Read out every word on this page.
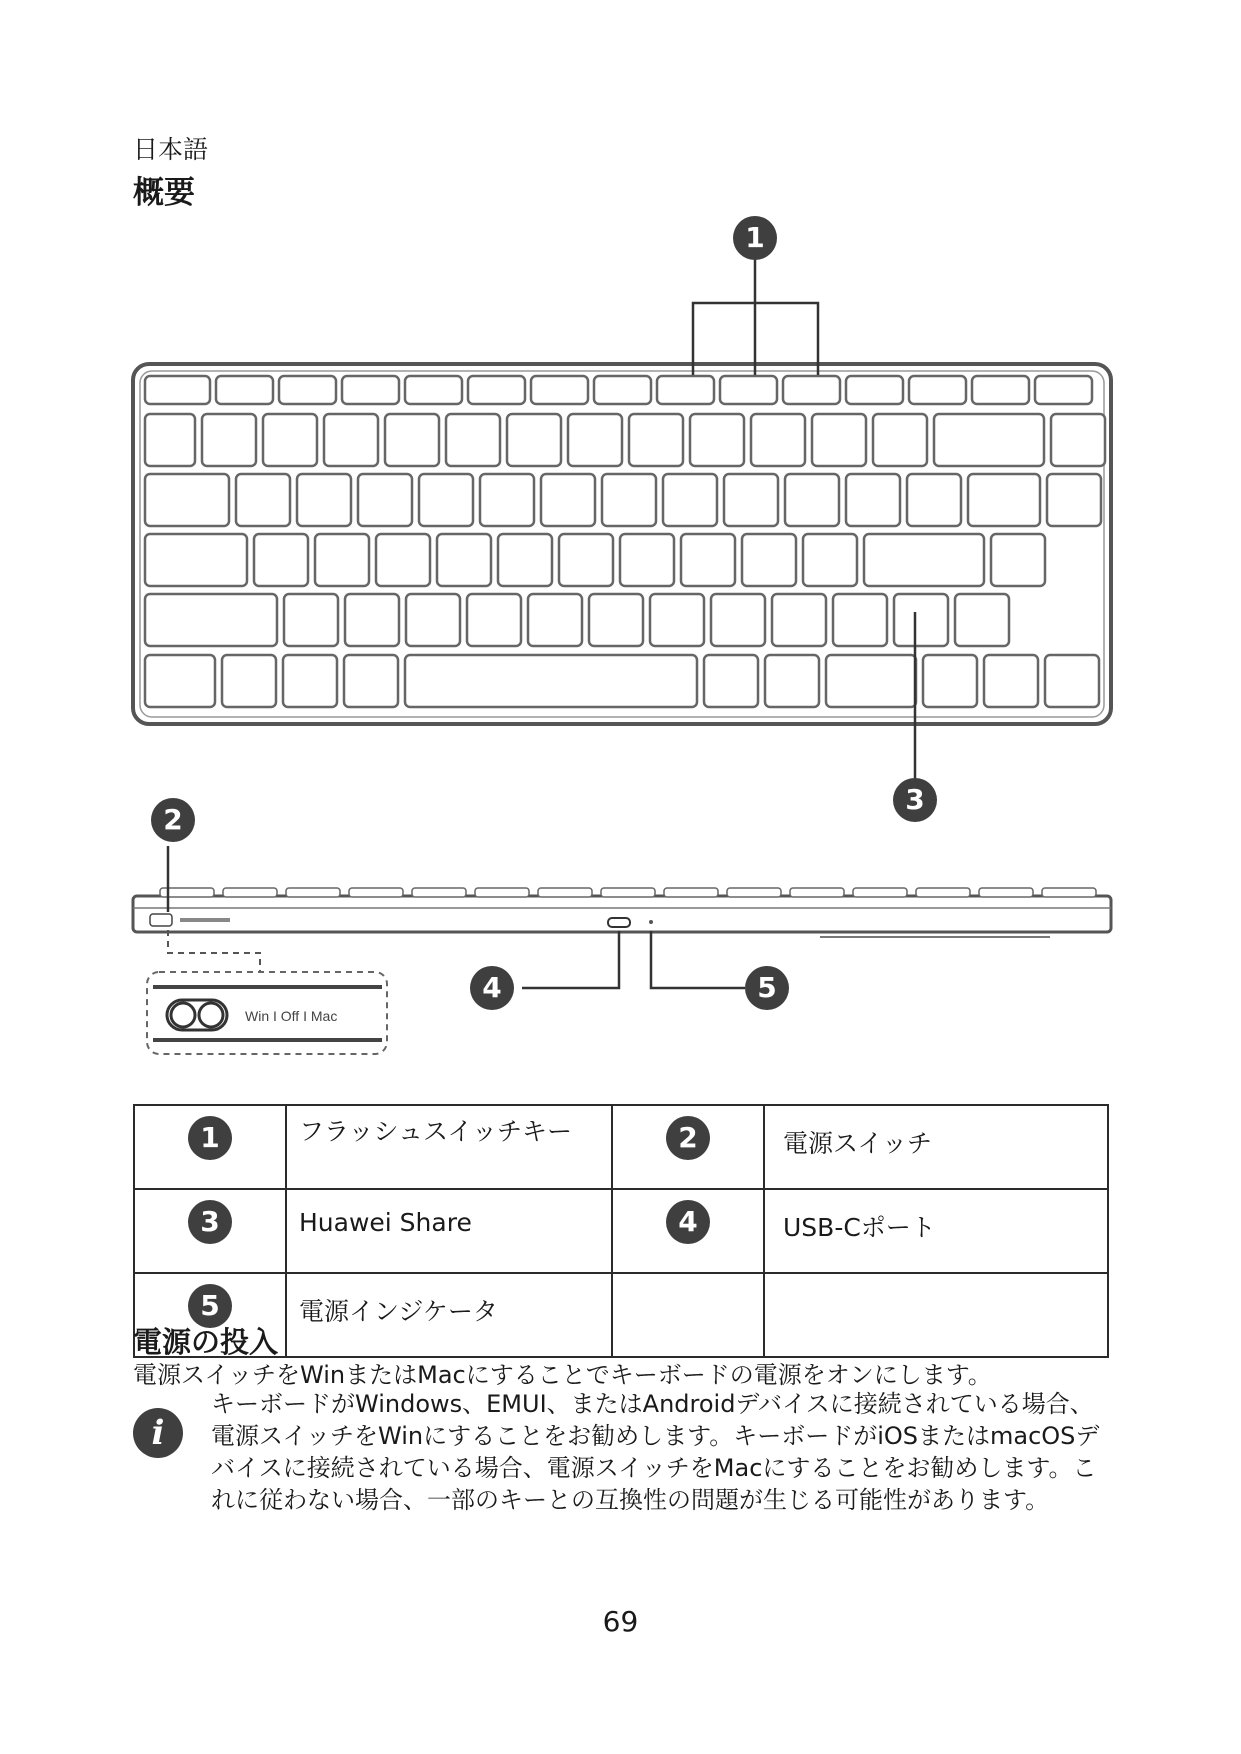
日本語
概要
Win I Off I Mac
1
2
3
4	5
1	フラッシュスイッチキー	2	電源スイッチ

3	Huawei Share	4	USB-Cポート

5	電源インジケータ		
電源の投入
電源スイッチをWinまたはMacにすることでキーボードの電源をオンにします。
i
キーボードがWindows、EMUI、またはAndroidデバイスに接続されている場合、電源スイッチをWinにすることをお勧めします。キーボードがiOSまたはmacOSデバイスに接続されている場合、電源スイッチをMacにすることをお勧めします。これに従わない場合、一部のキーとの互換性の問題が生じる可能性があります。
69
